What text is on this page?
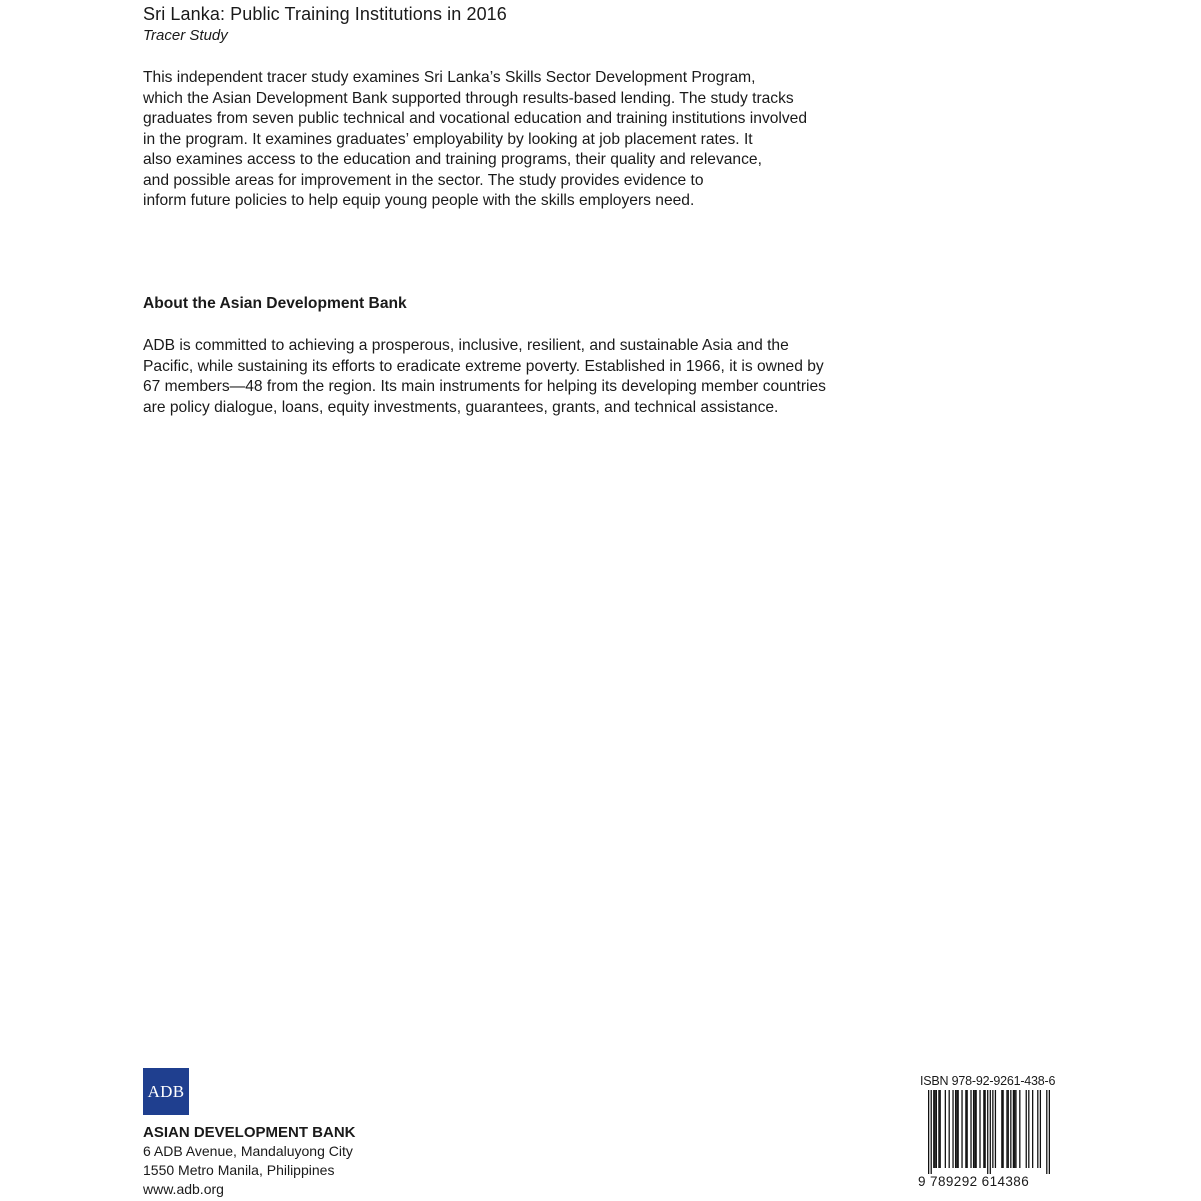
Sri Lanka: Public Training Institutions in 2016
Tracer Study
This independent tracer study examines Sri Lanka’s Skills Sector Development Program,
which the Asian Development Bank supported through results-based lending. The study tracks
graduates from seven public technical and vocational education and training institutions involved
in the program. It examines graduates’ employability by looking at job placement rates. It
also examines access to the education and training programs, their quality and relevance,
and possible areas for improvement in the sector. The study provides evidence to
inform future policies to help equip young people with the skills employers need.
About the Asian Development Bank
ADB is committed to achieving a prosperous, inclusive, resilient, and sustainable Asia and the
Pacific, while sustaining its efforts to eradicate extreme poverty. Established in 1966, it is owned by
67 members—48 from the region. Its main instruments for helping its developing member countries
are policy dialogue, loans, equity investments, guarantees, grants, and technical assistance.
ADB
ASIAN DEVELOPMENT BANK
6 ADB Avenue, Mandaluyong City
1550 Metro Manila, Philippines
www.adb.org
ISBN 978-92-9261-438-6
9 789292 614386
